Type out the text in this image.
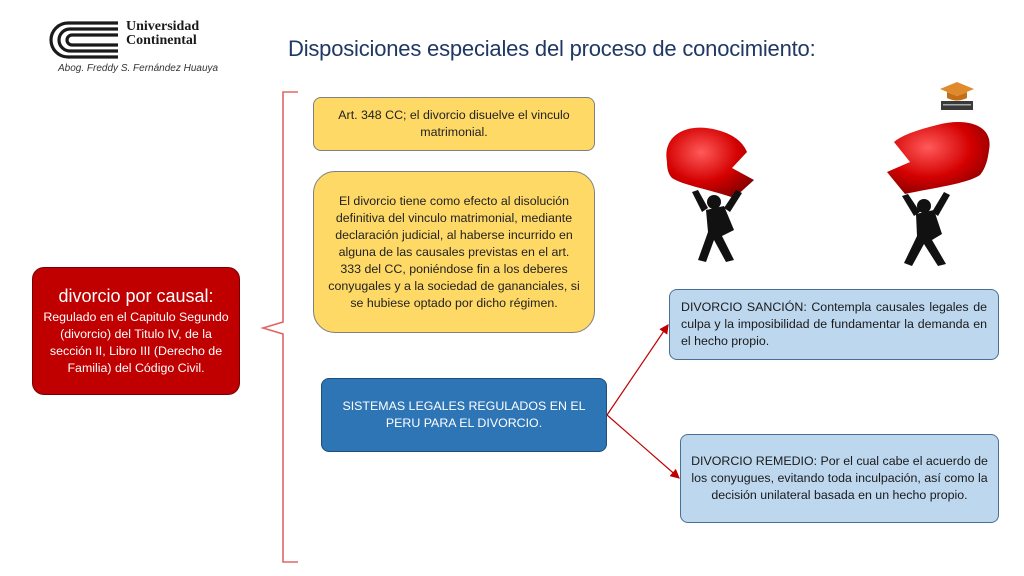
Universidad
Continental
Abog. Freddy S. Fernández Huauya
Disposiciones especiales del proceso de conocimiento:
Art. 348 CC; el divorcio disuelve el vinculo matrimonial.
El divorcio tiene como efecto al disolución definitiva del vinculo matrimonial, mediante declaración judicial, al haberse incurrido en alguna de las causales previstas en el art. 333 del CC, poniéndose fin a los deberes conyugales y a la sociedad de gananciales, si se hubiese optado por dicho régimen.
divorcio por causal:
Regulado en el Capitulo Segundo (divorcio) del Titulo IV, de la sección II, Libro III (Derecho de Familia) del Código Civil.
SISTEMAS LEGALES REGULADOS EN EL PERU PARA EL DIVORCIO.
DIVORCIO SANCIÓN: Contempla causales legales de culpa y la imposibilidad de fundamentar la demanda en el hecho propio.
DIVORCIO REMEDIO: Por el cual cabe el acuerdo de los conyugues, evitando toda inculpación, así como la decisión unilateral basada en un hecho propio.
